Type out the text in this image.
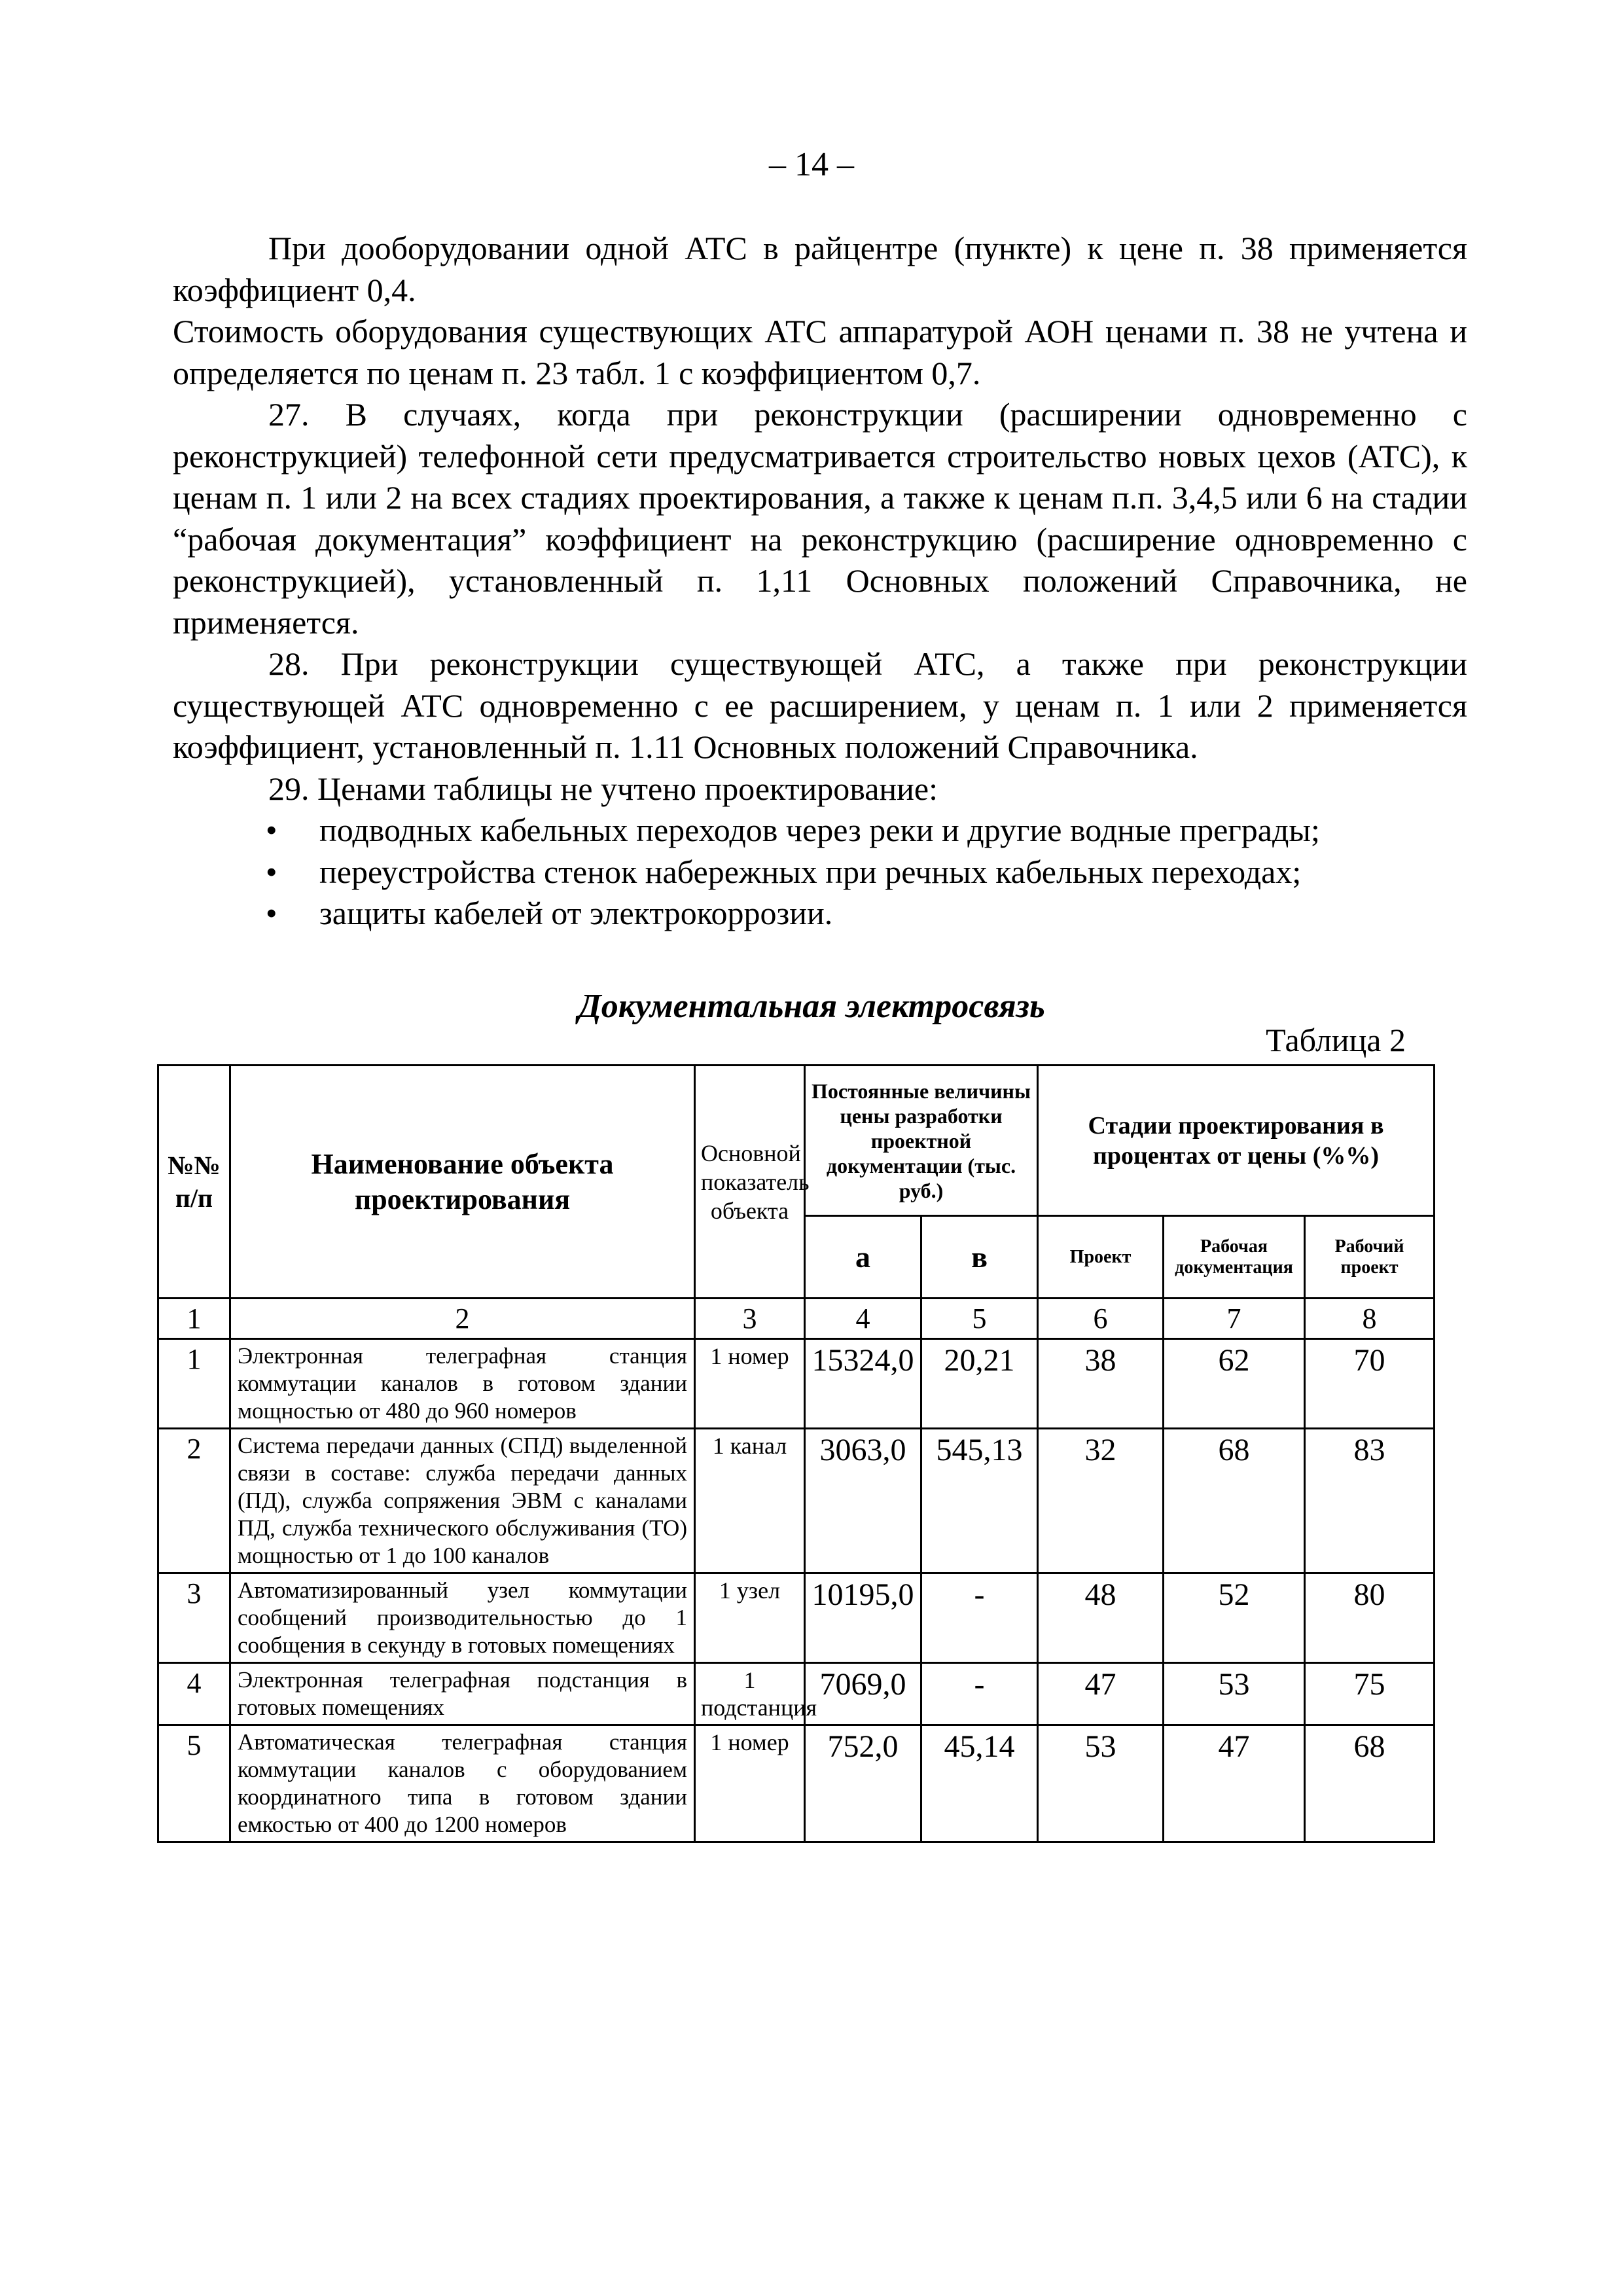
– 14 –

При дооборудовании одной АТС в райцентре (пункте) к цене п. 38 применяется коэффициент 0,4.

Стоимость оборудования существующих АТС аппаратурой АОН ценами п. 38 не учтена и определяется по ценам п. 23 табл. 1 с коэффициентом 0,7.

27. В случаях, когда при реконструкции (расширении одновременно с реконструкцией) телефонной сети предусматривается строительство новых цехов (АТС), к ценам п. 1 или 2 на всех стадиях проектирования, а также к ценам п.п. 3,4,5 или 6 на стадии “рабочая документация” коэффициент на реконструкцию (расширение одновременно с реконструкцией), установленный п. 1,11 Основных положений Справочника, не применяется.

28. При реконструкции существующей АТС, а также при реконструкции существующей АТС одновременно с ее расширением, у ценам п. 1 или 2 применяется коэффициент, установленный п. 1.11 Основных положений Справочника.

29. Ценами таблицы не учтено проектирование:

• подводных кабельных переходов через реки и другие водные преграды;
• переустройства стенок набережных при речных кабельных переходах;
• защиты кабелей от электрокоррозии.
Документальная электросвязь
Таблица 2
№№ п/п	Наименование объекта проектирования	Основной показатель объекта	Постоянные величины цены разработки проектной документации (тыс. руб.)		Стадии проектирования в процентах от цены (%%)		
			а	в	Проект	Рабочая документация	Рабочий проект
1	2	3	4	5	6	7	8
1	Электронная телеграфная станция коммутации каналов в готовом здании мощностью от 480 до 960 номеров	1 номер	15324,0	20,21	38	62	70
2	Система передачи данных (СПД) выделенной связи в составе: служба передачи данных (ПД), служба сопряжения ЭВМ с каналами ПД, служба технического обслуживания (ТО) мощностью от 1 до 100 каналов	1 канал	3063,0	545,13	32	68	83
3	Автоматизированный узел коммутации сообщений производительностью до 1 сообщения в секунду в готовых помещениях	1 узел	10195,0	-	48	52	80
4	Электронная телеграфная подстанция в готовых помещениях	1 подстанция	7069,0	-	47	53	75
5	Автоматическая телеграфная станция коммутации каналов с оборудованием координатного типа в готовом здании емкостью от 400 до 1200 номеров	1 номер	752,0	45,14	53	47	68
